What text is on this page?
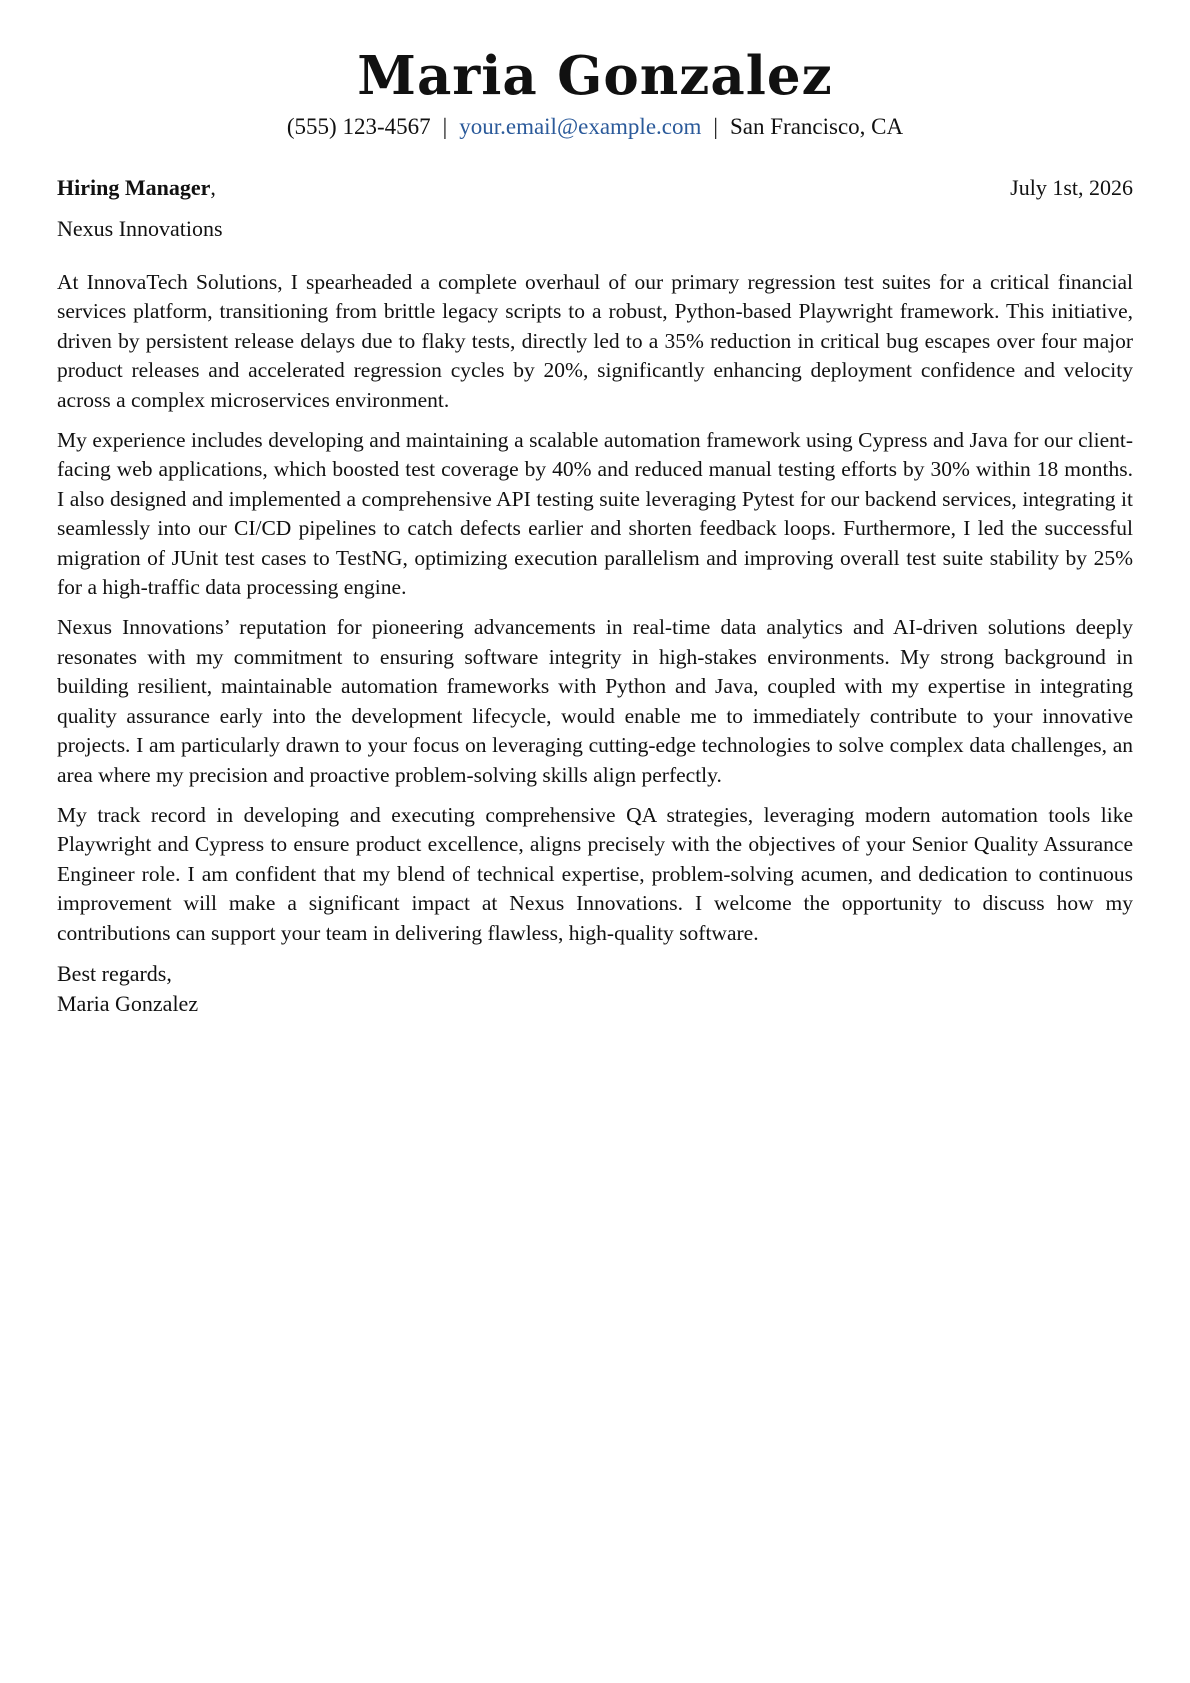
Maria Gonzalez
(555) 123-4567 | your.email@example.com | San Francisco, CA
Hiring Manager,	July 1st, 2026
Nexus Innovations

At InnovaTech Solutions, I spearheaded a complete overhaul of our primary regression test suites for a critical financial services platform, transitioning from brittle legacy scripts to a robust, Python-based Playwright framework. This initiative, driven by persistent release delays due to flaky tests, directly led to a 35% reduction in critical bug escapes over four major product releases and accelerated regression cycles by 20%, significantly enhancing deployment confidence and velocity across a complex microservices environment.

My experience includes developing and maintaining a scalable automation framework using Cypress and Java for our client-facing web applications, which boosted test coverage by 40% and reduced manual testing efforts by 30% within 18 months. I also designed and implemented a comprehensive API testing suite leveraging Pytest for our backend services, integrating it seamlessly into our CI/CD pipelines to catch defects earlier and shorten feedback loops. Furthermore, I led the successful migration of JUnit test cases to TestNG, optimizing execution parallelism and improving overall test suite stability by 25% for a high-traffic data processing engine.

Nexus Innovations’ reputation for pioneering advancements in real-time data analytics and AI-driven solutions deeply resonates with my commitment to ensuring software integrity in high-stakes environments. My strong background in building resilient, maintainable automation frameworks with Python and Java, coupled with my expertise in integrating quality assurance early into the development lifecycle, would enable me to immediately contribute to your innovative projects. I am particularly drawn to your focus on leveraging cutting-edge technologies to solve complex data challenges, an area where my precision and proactive problem-solving skills align perfectly.

My track record in developing and executing comprehensive QA strategies, leveraging modern automation tools like Playwright and Cypress to ensure product excellence, aligns precisely with the objectives of your Senior Quality Assurance Engineer role. I am confident that my blend of technical expertise, problem-solving acumen, and dedication to continuous improvement will make a significant impact at Nexus Innovations. I welcome the opportunity to discuss how my contributions can support your team in delivering flawless, high-quality software.

Best regards,
Maria Gonzalez
